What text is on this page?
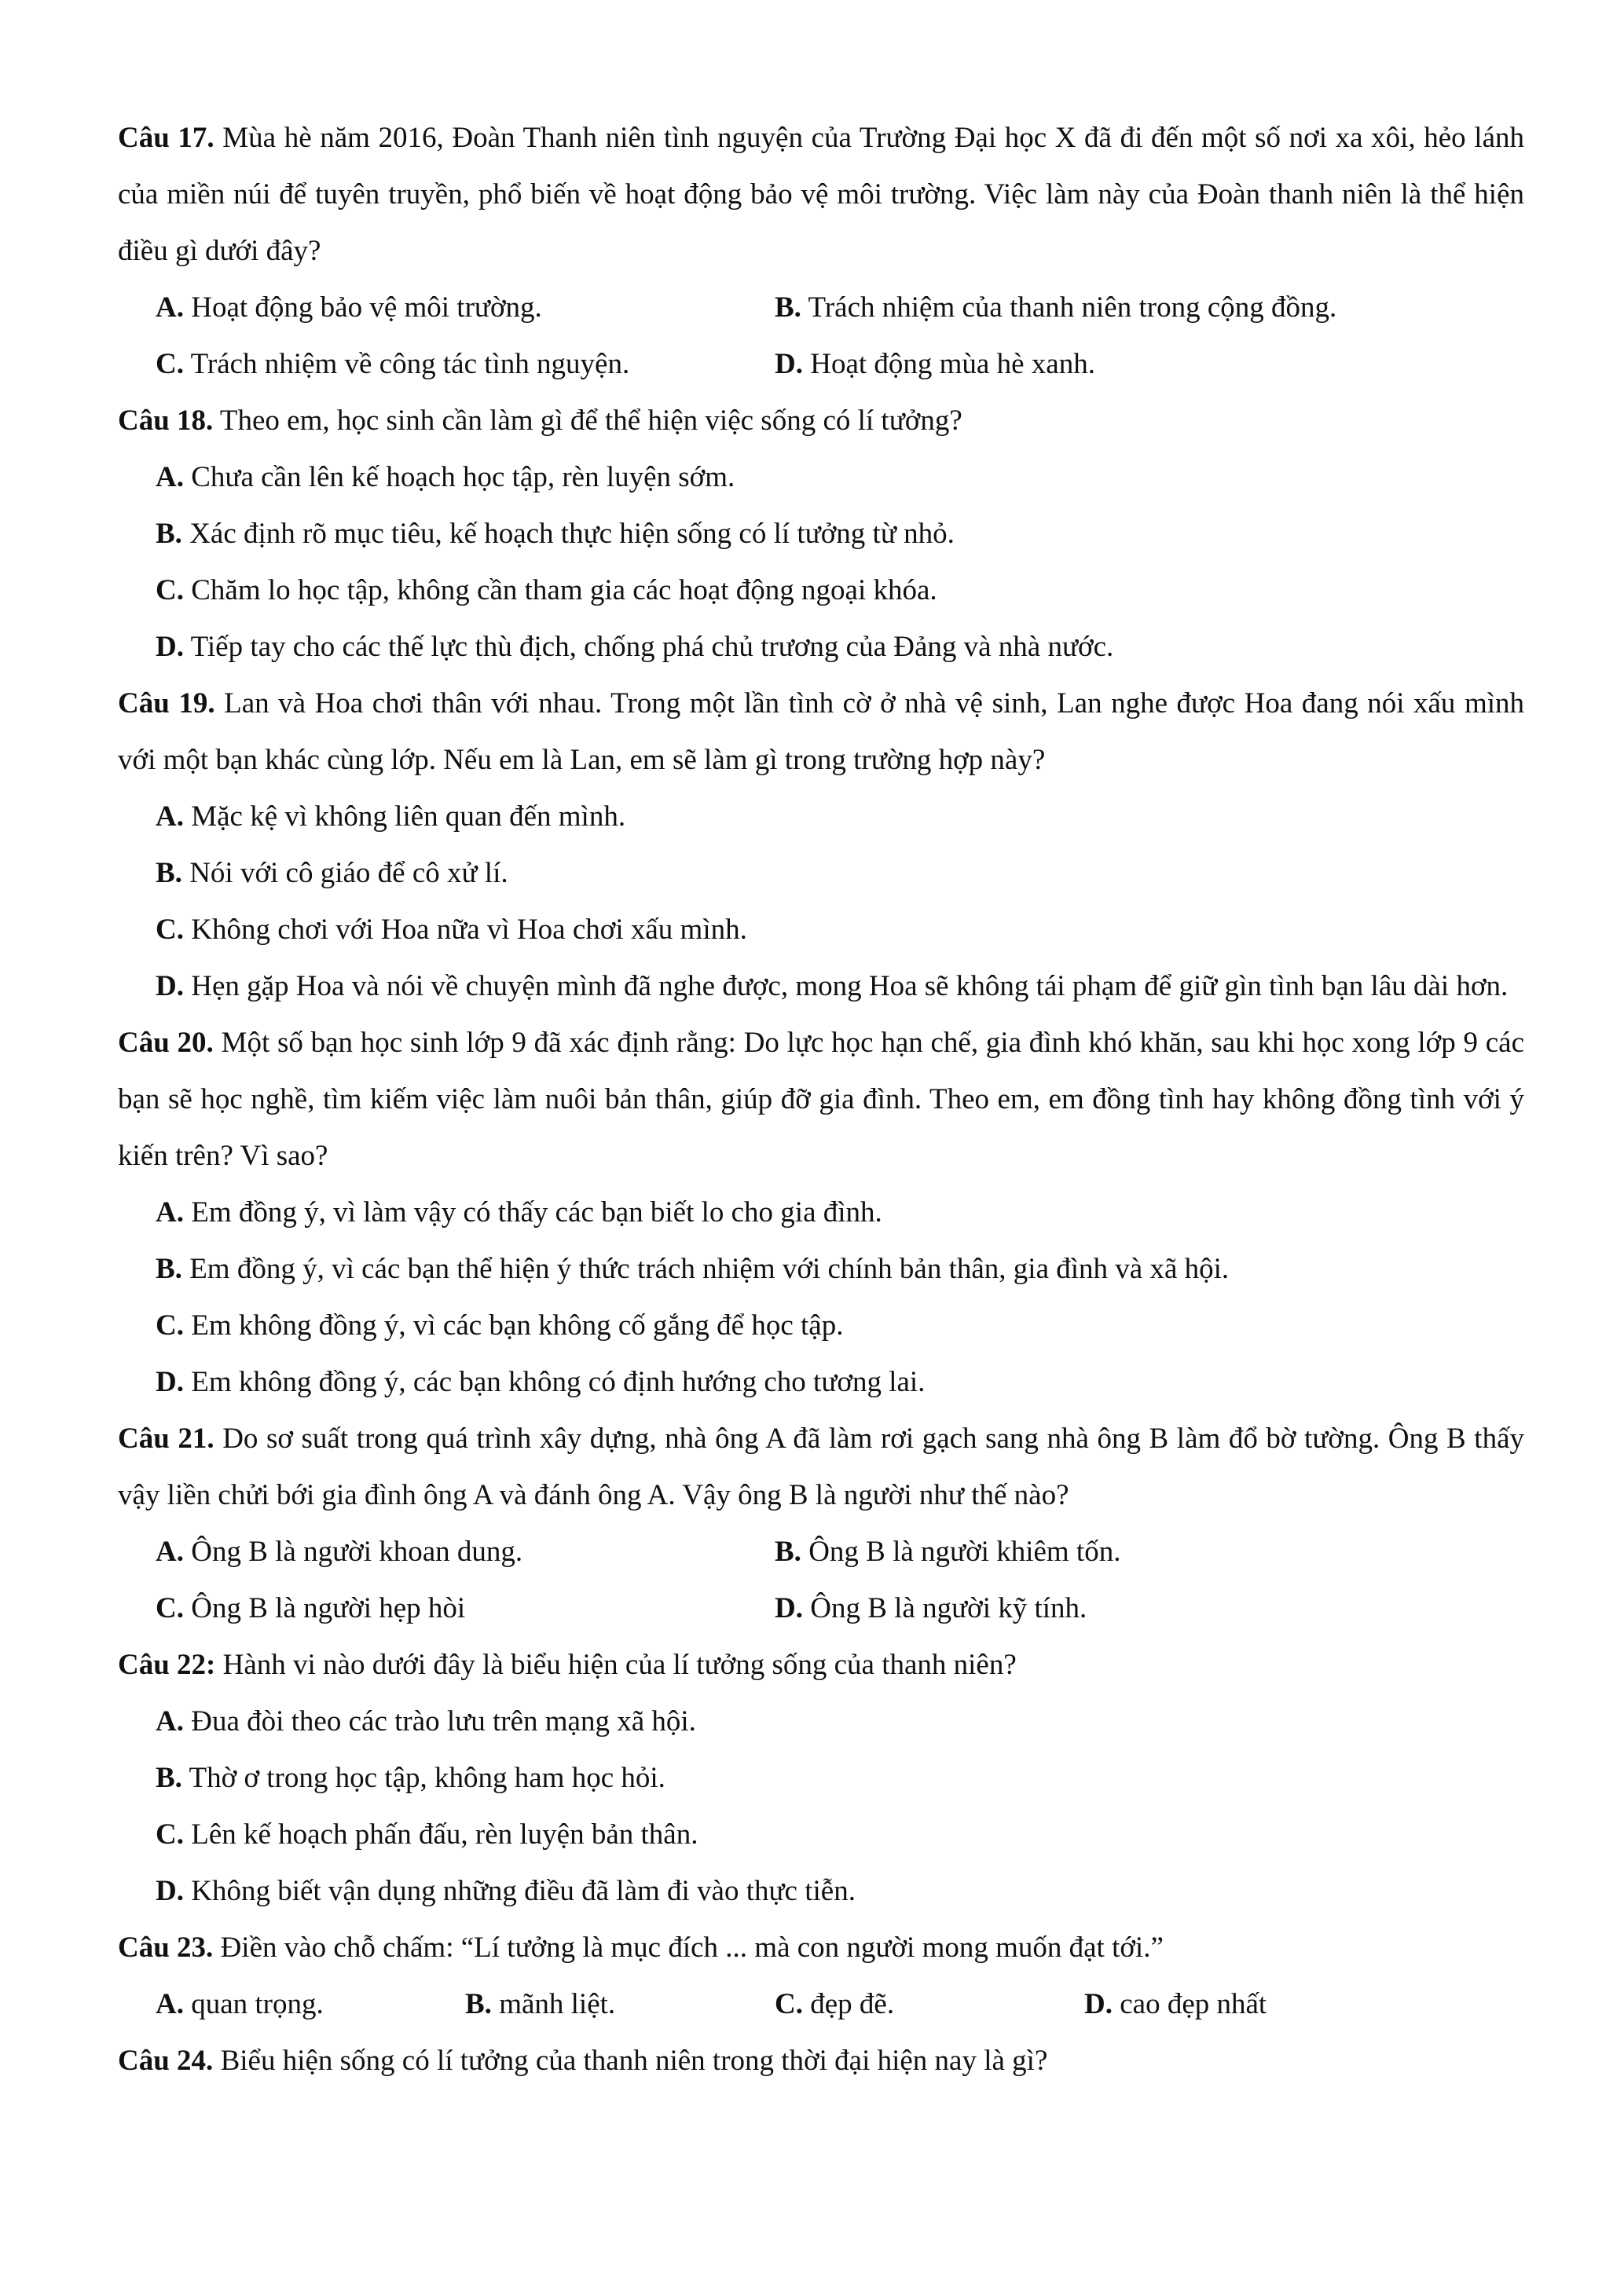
Câu 17. Mùa hè năm 2016, Đoàn Thanh niên tình nguyện của Trường Đại học X đã đi đến một số nơi xa xôi, hẻo lánh của miền núi để tuyên truyền, phổ biến về hoạt động bảo vệ môi trường. Việc làm này của Đoàn thanh niên là thể hiện điều gì dưới đây?

A. Hoạt động bảo vệ môi trường.	B. Trách nhiệm của thanh niên trong cộng đồng.
C. Trách nhiệm về công tác tình nguyện.	D. Hoạt động mùa hè xanh.

Câu 18. Theo em, học sinh cần làm gì để thể hiện việc sống có lí tưởng?

A. Chưa cần lên kế hoạch học tập, rèn luyện sớm.

B. Xác định rõ mục tiêu, kế hoạch thực hiện sống có lí tưởng từ nhỏ.

C. Chăm lo học tập, không cần tham gia các hoạt động ngoại khóa.

D. Tiếp tay cho các thế lực thù địch, chống phá chủ trương của Đảng và nhà nước.

Câu 19. Lan và Hoa chơi thân với nhau. Trong một lần tình cờ ở nhà vệ sinh, Lan nghe được Hoa đang nói xấu mình với một bạn khác cùng lớp. Nếu em là Lan, em sẽ làm gì trong trường hợp này?

A. Mặc kệ vì không liên quan đến mình.

B. Nói với cô giáo để cô xử lí.

C. Không chơi với Hoa nữa vì Hoa chơi xấu mình.

D. Hẹn gặp Hoa và nói về chuyện mình đã nghe được, mong Hoa sẽ không tái phạm để giữ gìn tình bạn lâu dài hơn.

Câu 20. Một số bạn học sinh lớp 9 đã xác định rằng: Do lực học hạn chế, gia đình khó khăn, sau khi học xong lớp 9 các bạn sẽ học nghề, tìm kiếm việc làm nuôi bản thân, giúp đỡ gia đình. Theo em, em đồng tình hay không đồng tình với ý kiến trên? Vì sao?

A. Em đồng ý, vì làm vậy có thấy các bạn biết lo cho gia đình.

B. Em đồng ý, vì các bạn thể hiện ý thức trách nhiệm với chính bản thân, gia đình và xã hội.

C. Em không đồng ý, vì các bạn không cố gắng để học tập.

D. Em không đồng ý, các bạn không có định hướng cho tương lai.

Câu 21. Do sơ suất trong quá trình xây dựng, nhà ông A đã làm rơi gạch sang nhà ông B làm đổ bờ tường. Ông B thấy vậy liền chửi bới gia đình ông A và đánh ông A. Vậy ông B là người như thế nào?

A. Ông B là người khoan dung.	B. Ông B là người khiêm tốn.
C. Ông B là người hẹp hòi	D. Ông B là người kỹ tính.

Câu 22: Hành vi nào dưới đây là biểu hiện của lí tưởng sống của thanh niên?

A. Đua đòi theo các trào lưu trên mạng xã hội.

B. Thờ ơ trong học tập, không ham học hỏi.

C. Lên kế hoạch phấn đấu, rèn luyện bản thân.

D. Không biết vận dụng những điều đã làm đi vào thực tiễn.

Câu 23. Điền vào chỗ chấm: “Lí tưởng là mục đích ... mà con người mong muốn đạt tới.”

A. quan trọng.	B. mãnh liệt.	C. đẹp đẽ.	D. cao đẹp nhất

Câu 24. Biểu hiện sống có lí tưởng của thanh niên trong thời đại hiện nay là gì?
